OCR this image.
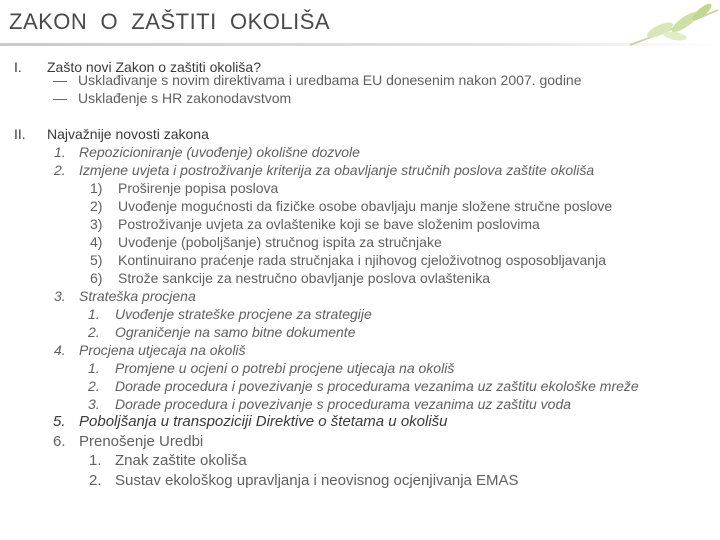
ZAKON  O  ZAŠTITI  OKOLIŠA
I. Zašto novi Zakon o zaštiti okoliša?
— Usklađivanje s novim direktivama i uredbama EU donesenim nakon 2007. godine
— Usklađenje s HR zakonodavstvom
II. Najvažnije novosti zakona
1. Repozicioniranje (uvođenje) okolišne dozvole
2. Izmjene uvjeta i postroživanje kriterija za obavljanje stručnih poslova zaštite okoliša
1) Proširenje popisa poslova
2) Uvođenje mogućnosti da fizičke osobe obavljaju manje složene stručne poslove
3) Postroživanje uvjeta za ovlaštenike koji se bave složenim poslovima
4) Uvođenje (poboljšanje) stručnog ispita za stručnjake
5) Kontinuirano praćenje rada stručnjaka i njihovog cjeloživotnog osposobljavanja
6) Strože sankcije za nestručno obavljanje poslova ovlaštenika
3. Strateška procjena
1. Uvođenje strateške procjene za strategije
2. Ograničenje na samo bitne dokumente
4. Procjena utjecaja na okoliš
1. Promjene u ocjeni o potrebi procjene utjecaja na okoliš
2. Dorade procedura i povezivanje s procedurama vezanima uz zaštitu ekološke mreže
3. Dorade procedura i povezivanje s procedurama vezanima uz zaštitu voda
5. Poboljšanja u transpoziciji Direktive o štetama u okolišu
6. Prenošenje Uredbi
1. Znak zaštite okoliša
2. Sustav ekološkog upravljanja i neovisnog ocjenjivanja EMAS
